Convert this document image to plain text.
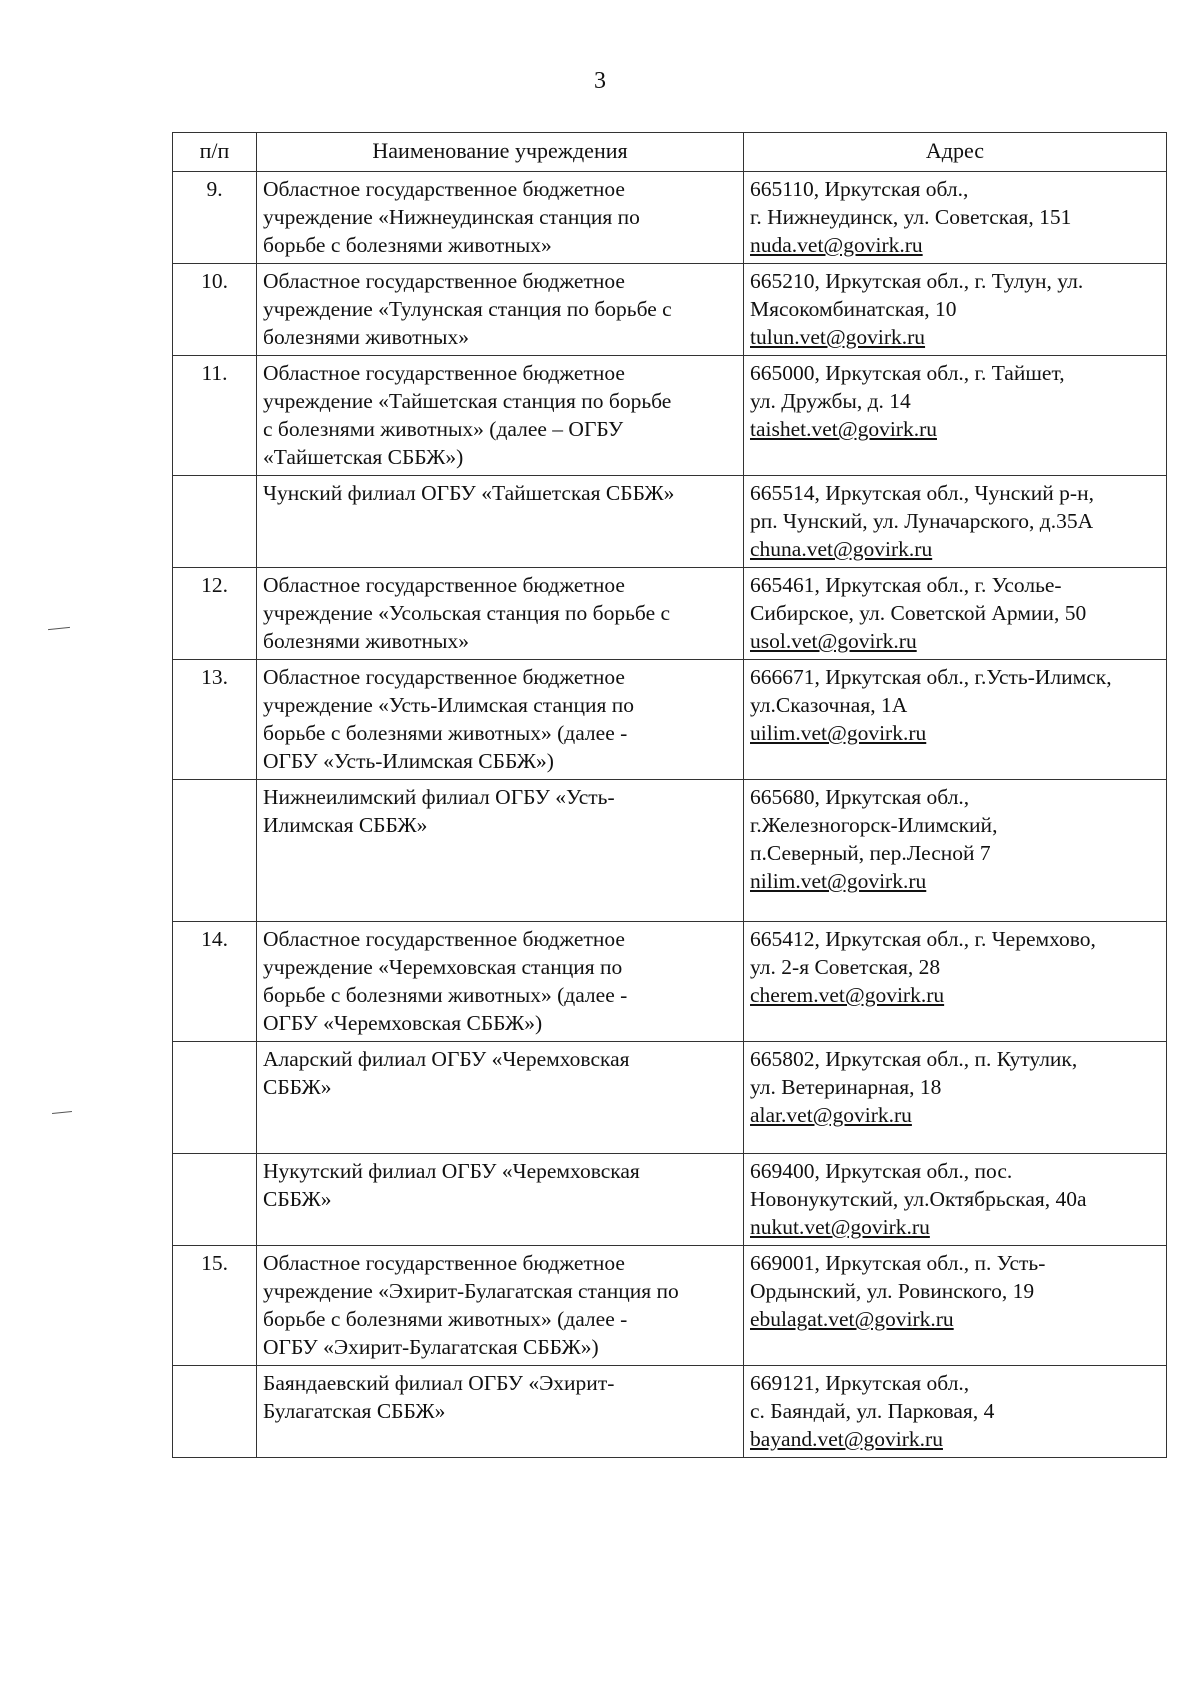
3
п/п	Наименование учреждения	Адрес
9.	Областное государственное бюджетное
учреждение «Нижнеудинская станция по
борьбе с болезнями животных»	665110, Иркутская обл.,
г. Нижнеудинск, ул. Советская, 151
nuda.vet@govirk.ru

10.	Областное государственное бюджетное
учреждение «Тулунская станция по борьбе с
болезнями животных»	665210, Иркутская обл., г. Тулун, ул.
Мясокомбинатская, 10
tulun.vet@govirk.ru

11.	Областное государственное бюджетное
учреждение «Тайшетская станция по борьбе
с болезнями животных» (далее – ОГБУ
«Тайшетская СББЖ»)	665000, Иркутская обл., г. Тайшет,
ул. Дружбы, д. 14
taishet.vet@govirk.ru

	Чунский филиал ОГБУ «Тайшетская СББЖ»	665514, Иркутская обл., Чунский р-н,
рп. Чунский, ул. Луначарского, д.35А
chuna.vet@govirk.ru

12.	Областное государственное бюджетное
учреждение «Усольская станция по борьбе с
болезнями животных»	665461, Иркутская обл., г. Усолье-
Сибирское, ул. Советской Армии, 50
usol.vet@govirk.ru

13.	Областное государственное бюджетное
учреждение «Усть-Илимская станция по
борьбе с болезнями животных» (далее -
ОГБУ «Усть-Илимская СББЖ»)	666671, Иркутская обл., г.Усть-Илимск,
ул.Сказочная, 1А
uilim.vet@govirk.ru

	Нижнеилимский филиал ОГБУ «Усть-
Илимская СББЖ»	665680, Иркутская обл.,
г.Железногорск-Илимский,
п.Северный, пер.Лесной 7
nilim.vet@govirk.ru

14.	Областное государственное бюджетное
учреждение «Черемховская станция по
борьбе с болезнями животных» (далее -
ОГБУ «Черемховская СББЖ»)	665412, Иркутская обл., г. Черемхово,
ул. 2-я Советская, 28
cherem.vet@govirk.ru

	Аларский филиал ОГБУ «Черемховская
СББЖ»	665802, Иркутская обл., п. Кутулик,
ул. Ветеринарная, 18
alar.vet@govirk.ru

	Нукутский филиал ОГБУ «Черемховская
СББЖ»	669400, Иркутская обл., пос.
Новонукутский, ул.Октябрьская, 40а
nukut.vet@govirk.ru

15.	Областное государственное бюджетное
учреждение «Эхирит-Булагатская станция по
борьбе с болезнями животных» (далее -
ОГБУ «Эхирит-Булагатская СББЖ»)	669001, Иркутская обл., п. Усть-
Ордынский, ул. Ровинского, 19
ebulagat.vet@govirk.ru

	Баяндаевский филиал ОГБУ «Эхирит-
Булагатская СББЖ»	669121, Иркутская обл.,
с. Баяндай, ул. Парковая, 4
bayand.vet@govirk.ru
